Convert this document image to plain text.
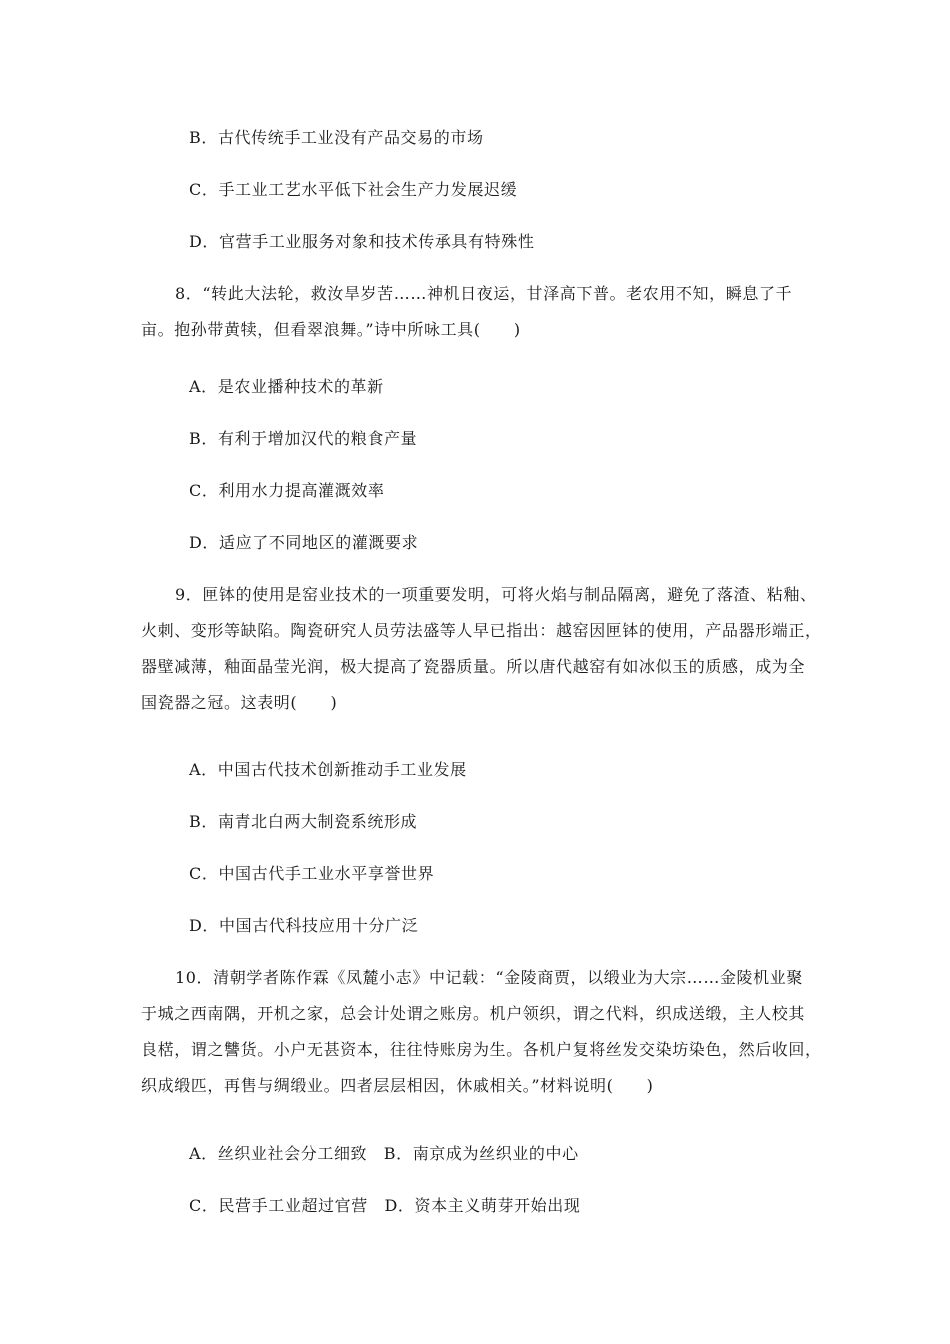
B．古代传统手工业没有产品交易的市场
C．手工业工艺水平低下社会生产力发展迟缓
D．官营手工业服务对象和技术传承具有特殊性
8．“转此大法轮，救汝旱岁苦……神机日夜运，甘泽高下普。老农用不知，瞬息了千
亩。抱孙带黄犊，但看翠浪舞。”诗中所咏工具(　　)
A．是农业播种技术的革新
B．有利于增加汉代的粮食产量
C．利用水力提高灌溉效率
D．适应了不同地区的灌溉要求
9．匣钵的使用是窑业技术的一项重要发明，可将火焰与制品隔离，避免了落渣、粘釉、
火刺、变形等缺陷。陶瓷研究人员劳法盛等人早已指出：越窑因匣钵的使用，产品器形端正，
器壁减薄，釉面晶莹光润，极大提高了瓷器质量。所以唐代越窑有如冰似玉的质感，成为全
国瓷器之冠。这表明(　　)
A．中国古代技术创新推动手工业发展
B．南青北白两大制瓷系统形成
C．中国古代手工业水平享誉世界
D．中国古代科技应用十分广泛
10．清朝学者陈作霖《凤麓小志》中记载：“金陵商贾，以缎业为大宗……金陵机业聚
于城之西南隅，开机之家，总会计处谓之账房。机户领织，谓之代料，织成送缎，主人校其
良楛，谓之讐货。小户无甚资本，往往恃账房为生。各机户复将丝发交染坊染色，然后收回，
织成缎匹，再售与绸缎业。四者层层相因，休戚相关。”材料说明(　　)
A．丝织业社会分工细致　B．南京成为丝织业的中心
C．民营手工业超过官营　D．资本主义萌芽开始出现
